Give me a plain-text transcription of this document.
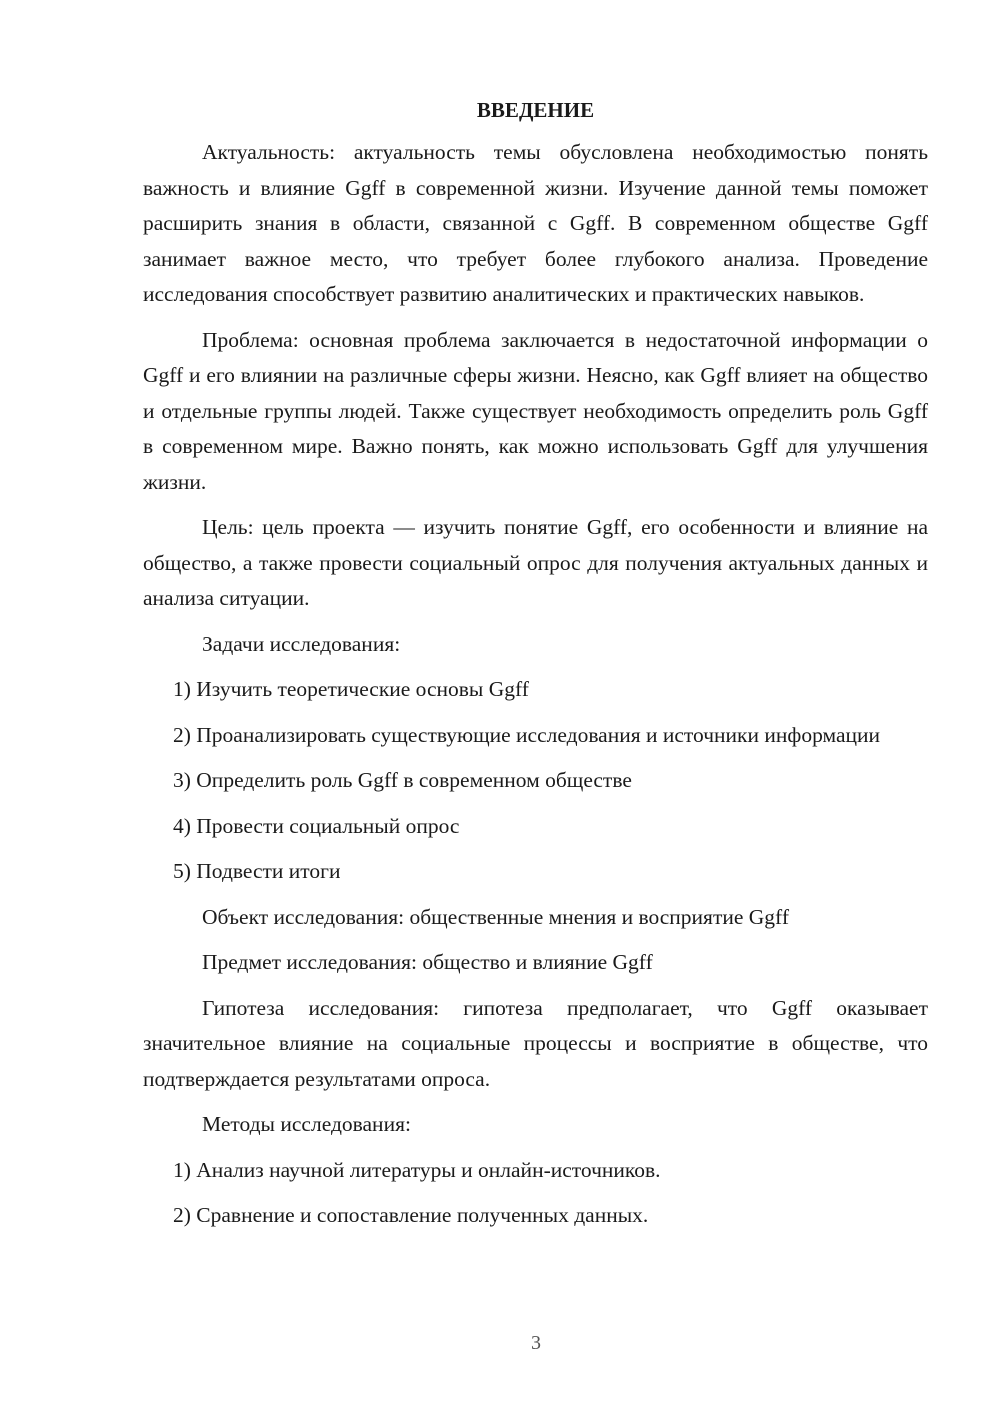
ВВЕДЕНИЕ

Актуальность: актуальность темы обусловлена необходимостью понять важность и влияние Ggff в современной жизни. Изучение данной темы поможет расширить знания в области, связанной с Ggff. В современном обществе Ggff занимает важное место, что требует более глубокого анализа. Проведение исследования способствует развитию аналитических и практических навыков.

Проблема: основная проблема заключается в недостаточной информации о Ggff и его влиянии на различные сферы жизни. Неясно, как Ggff влияет на общество и отдельные группы людей. Также существует необходимость определить роль Ggff в современном мире. Важно понять, как можно использовать Ggff для улучшения жизни.

Цель: цель проекта — изучить понятие Ggff, его особенности и влияние на общество, а также провести социальный опрос для получения актуальных данных и анализа ситуации.

Задачи исследования:

1) Изучить теоретические основы Ggff

2) Проанализировать существующие исследования и источники информации

3) Определить роль Ggff в современном обществе

4) Провести социальный опрос

5) Подвести итоги

Объект исследования: общественные мнения и восприятие Ggff

Предмет исследования: общество и влияние Ggff

Гипотеза исследования: гипотеза предполагает, что Ggff оказывает значительное влияние на социальные процессы и восприятие в обществе, что подтверждается результатами опроса.

Методы исследования:

1) Анализ научной литературы и онлайн-источников.

2) Сравнение и сопоставление полученных данных.

3
